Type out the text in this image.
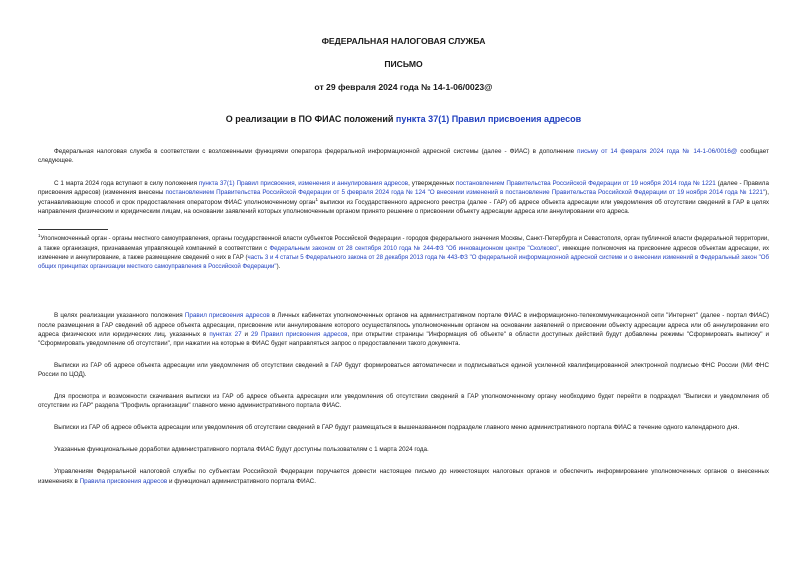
ФЕДЕРАЛЬНАЯ НАЛОГОВАЯ СЛУЖБА
ПИСЬМО
от 29 февраля 2024 года № 14-1-06/0023@
О реализации в ПО ФИАС положений пункта 37(1) Правил присвоения адресов

Федеральная налоговая служба в соответствии с возложенными функциями оператора федеральной информационной адресной системы (далее - ФИАС) в дополнение письму от 14 февраля 2024 года № 14-1-06/0016@ сообщает следующее.

С 1 марта 2024 года вступают в силу положения пункта 37(1) Правил присвоения, изменения и аннулирования адресов, утвержденных постановлением Правительства Российской Федерации от 19 ноября 2014 года № 1221 (далее - Правила присвоения адресов) (изменения внесены постановлением Правительства Российской Федерации от 5 февраля 2024 года № 124 "О внесении изменений в постановление Правительства Российской Федерации от 19 ноября 2014 года № 1221"), устанавливающие способ и срок предоставления оператором ФИАС уполномоченному орган$^1$ выписки из Государственного адресного реестра (далее - ГАР) об адресе объекта адресации или уведомления об отсутствии сведений в ГАР в целях направления физическим и юридическим лицам, на основании заявлений которых уполномоченным органом принято решение о присвоении объекту адресации адреса или аннулировании его адреса.

$^1$Уполномоченный орган - органы местного самоуправления, органы государственной власти субъектов Российской Федерации - городов федерального значения Москвы, Санкт-Петербурга и Севастополя, орган публичной власти федеральной территории, а также организация, признаваемая управляющей компанией в соответствии с Федеральным законом от 28 сентября 2010 года № 244-ФЗ "Об инновационном центре "Сколково", имеющие полномочия на присвоение адресов объектам адресации, их изменение и аннулирование, а также размещение сведений о них в ГАР (часть 3 и 4 статьи 5 Федерального закона от 28 декабря 2013 года № 443-ФЗ "О федеральной информационной адресной системе и о внесении изменений в Федеральный закон "Об общих принципах организации местного самоуправления в Российской Федерации").

В целях реализации указанного положения Правил присвоения адресов в Личных кабинетах уполномоченных органов на административном портале ФИАС в информационно-телекоммуникационной сети "Интернет" (далее - портал ФИАС) после размещения в ГАР сведений об адресе объекта адресации, присвоение или аннулирование которого осуществлялось уполномоченным органом на основании заявлений о присвоении объекту адресации адреса или об аннулировании его адреса физических или юридических лиц, указанных в пунктах 27 и 29 Правил присвоения адресов, при открытии страницы "Информация об объекте" в области доступных действий будут добавлены режимы "Сформировать выписку" и "Сформировать уведомление об отсутствии", при нажатии на которые в ФИАС будет направляться запрос о предоставлении такого документа.

Выписки из ГАР об адресе объекта адресации или уведомления об отсутствии сведений в ГАР будут формироваться автоматически и подписываться единой усиленной квалифицированной электронной подписью ФНС России (МИ ФНС России по ЦОД).

Для просмотра и возможности скачивания выписки из ГАР об адресе объекта адресации или уведомления об отсутствии сведений в ГАР уполномоченному органу необходимо будет перейти в подраздел "Выписки и уведомления об отсутствии из ГАР" раздела "Профиль организации" главного меню административного портала ФИАС.

Выписки из ГАР об адресе объекта адресации или уведомления об отсутствии сведений в ГАР будут размещаться в вышеназванном подразделе главного меню административного портала ФИАС в течение одного календарного дня.

Указанные функциональные доработки административного портала ФИАС будут доступны пользователям с 1 марта 2024 года.

Управлениям Федеральной налоговой службы по субъектам Российской Федерации поручается довести настоящее письмо до нижестоящих налоговых органов и обеспечить информирование уполномоченных органов о внесенных изменениях в Правила присвоения адресов и функционал административного портала ФИАС.
